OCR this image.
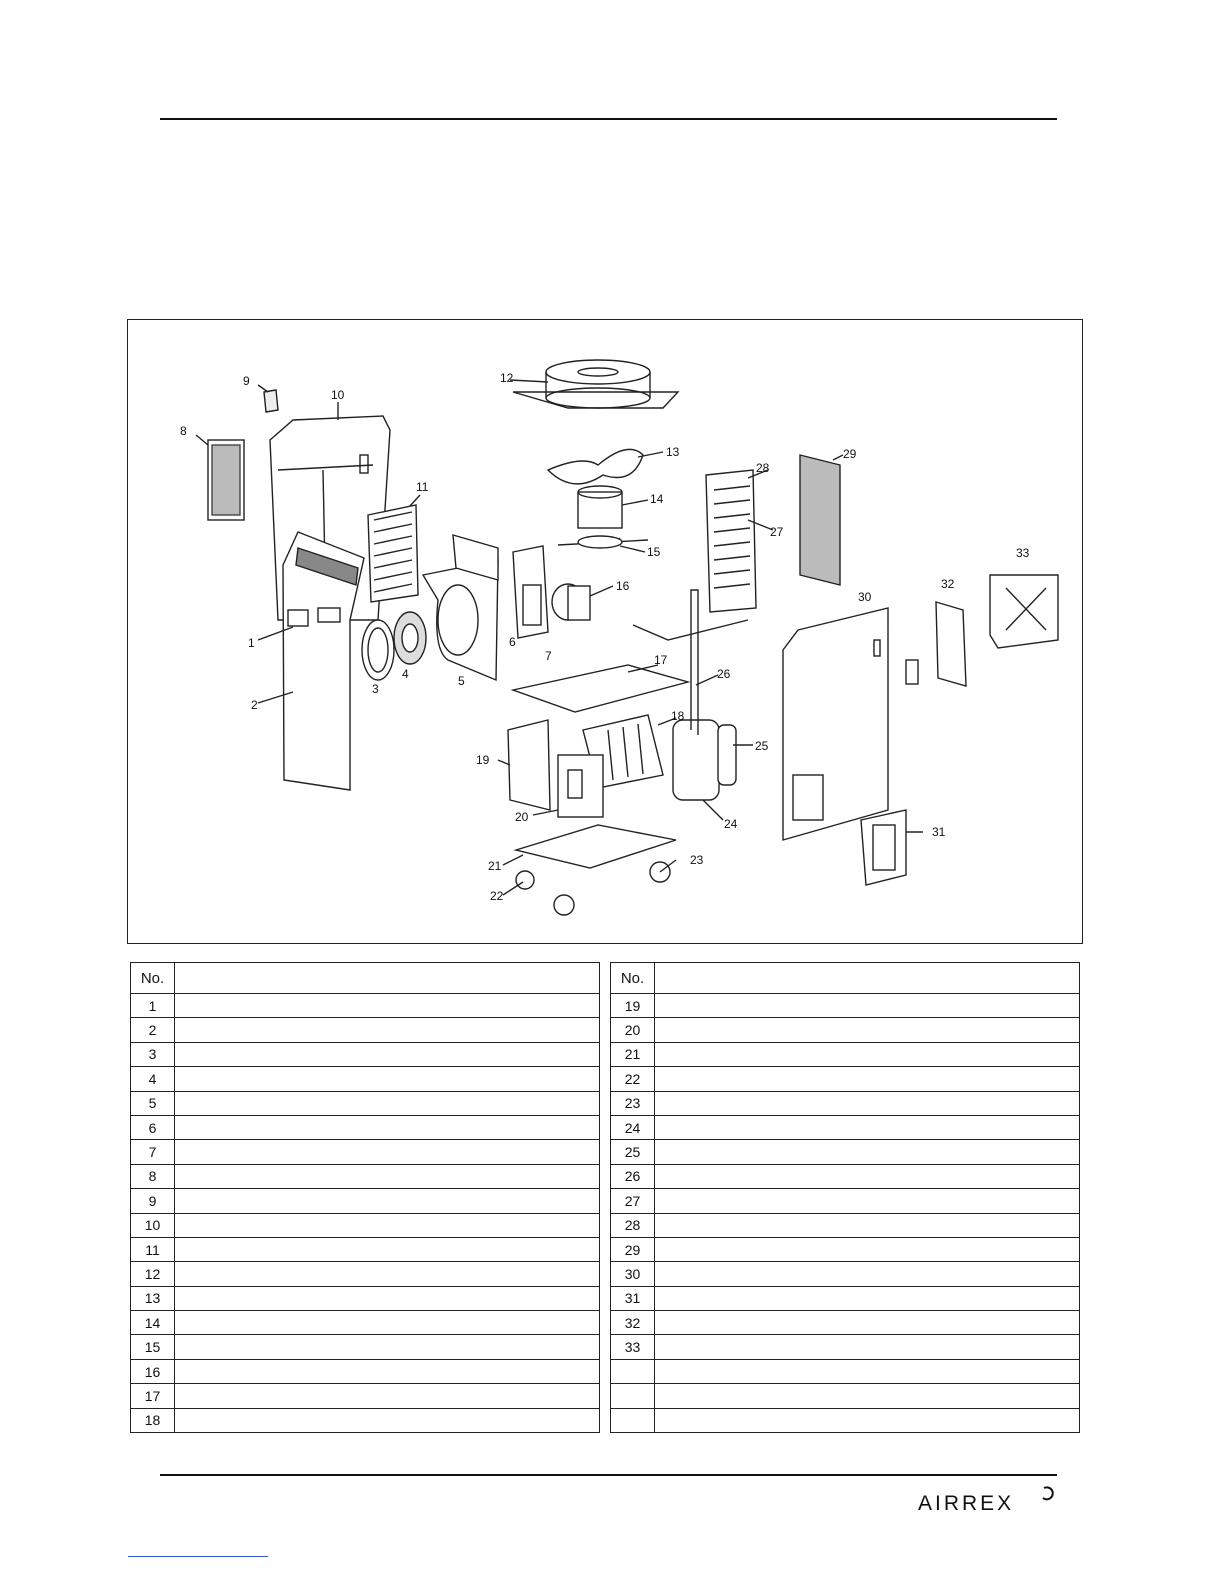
1
2
3
4	5
6
7
8
9
10
11
12
13
14
15
16
17
18
19
20
21
22
23
24
25
26
27
28
29
30
31
32
33
No.	
1	
2	
3	
4	
5	
6	
7	
8	
9	
10	
11	
12	
13	
14	
15	
16	
17	
18	
No.	
19	
20	
21	
22	
23	
24	
25	
26	
27	
28	
29	
30	
31	
32	
33	

AIRREX
